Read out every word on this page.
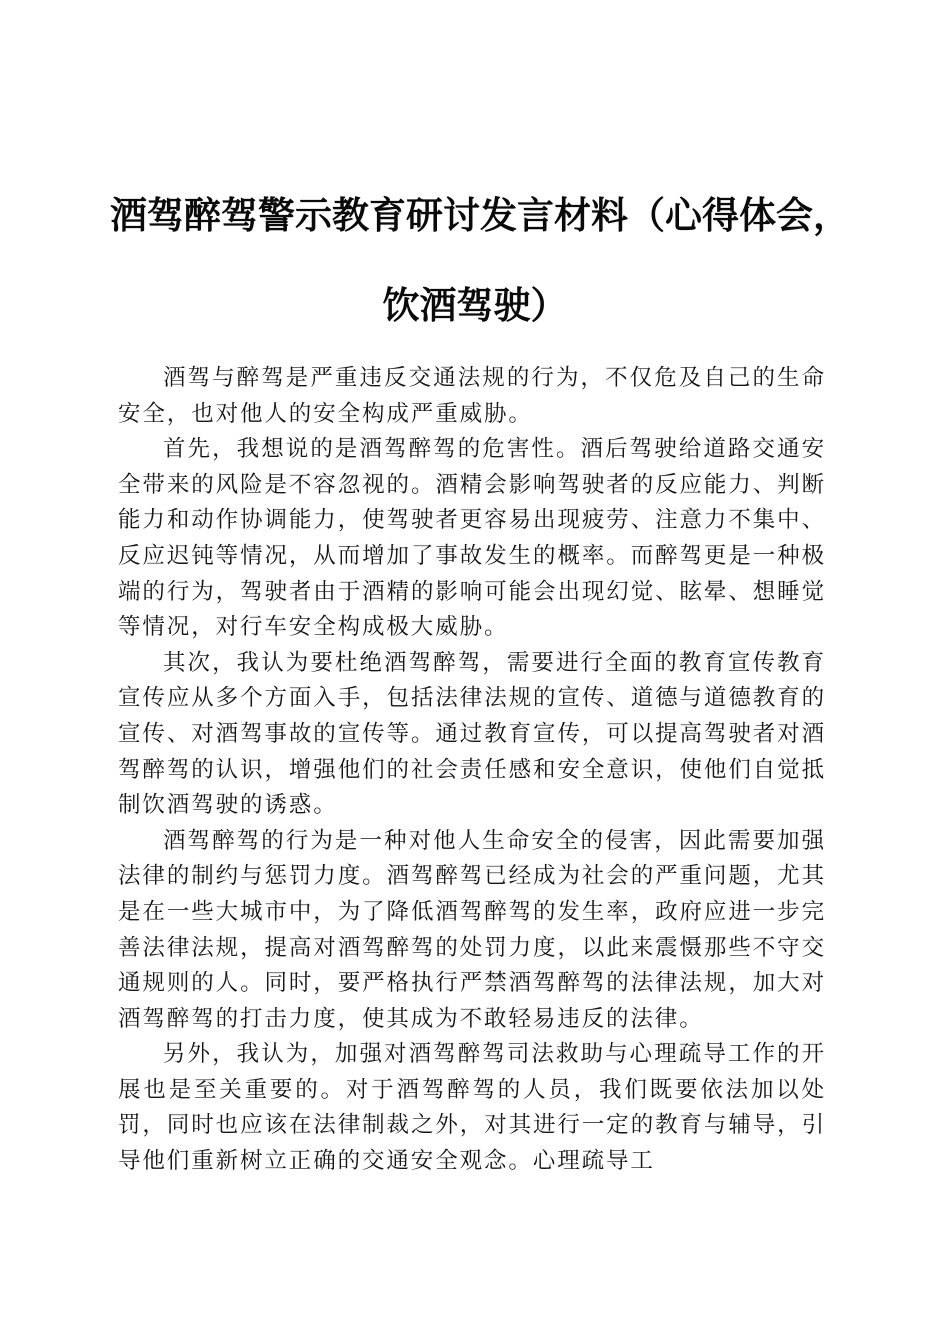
酒驾醉驾警示教育研讨发言材料（心得体会，
饮酒驾驶）

酒驾与醉驾是严重违反交通法规的行为，不仅危及自己的生命安全，也对他人的安全构成严重威胁。

首先，我想说的是酒驾醉驾的危害性。酒后驾驶给道路交通安全带来的风险是不容忽视的。酒精会影响驾驶者的反应能力、判断能力和动作协调能力，使驾驶者更容易出现疲劳、注意力不集中、反应迟钝等情况，从而增加了事故发生的概率。而醉驾更是一种极端的行为，驾驶者由于酒精的影响可能会出现幻觉、眩晕、想睡觉等情况，对行车安全构成极大威胁。

其次，我认为要杜绝酒驾醉驾，需要进行全面的教育宣传教育宣传应从多个方面入手，包括法律法规的宣传、道德与道德教育的宣传、对酒驾事故的宣传等。通过教育宣传，可以提高驾驶者对酒驾醉驾的认识，增强他们的社会责任感和安全意识，使他们自觉抵制饮酒驾驶的诱惑。

酒驾醉驾的行为是一种对他人生命安全的侵害，因此需要加强法律的制约与惩罚力度。酒驾醉驾已经成为社会的严重问题，尤其是在一些大城市中，为了降低酒驾醉驾的发生率，政府应进一步完善法律法规，提高对酒驾醉驾的处罚力度，以此来震慑那些不守交通规则的人。同时，要严格执行严禁酒驾醉驾的法律法规，加大对酒驾醉驾的打击力度，使其成为不敢轻易违反的法律。

另外，我认为，加强对酒驾醉驾司法救助与心理疏导工作的开展也是至关重要的。对于酒驾醉驾的人员，我们既要依法加以处罚，同时也应该在法律制裁之外，对其进行一定的教育与辅导，引导他们重新树立正确的交通安全观念。心理疏导工
